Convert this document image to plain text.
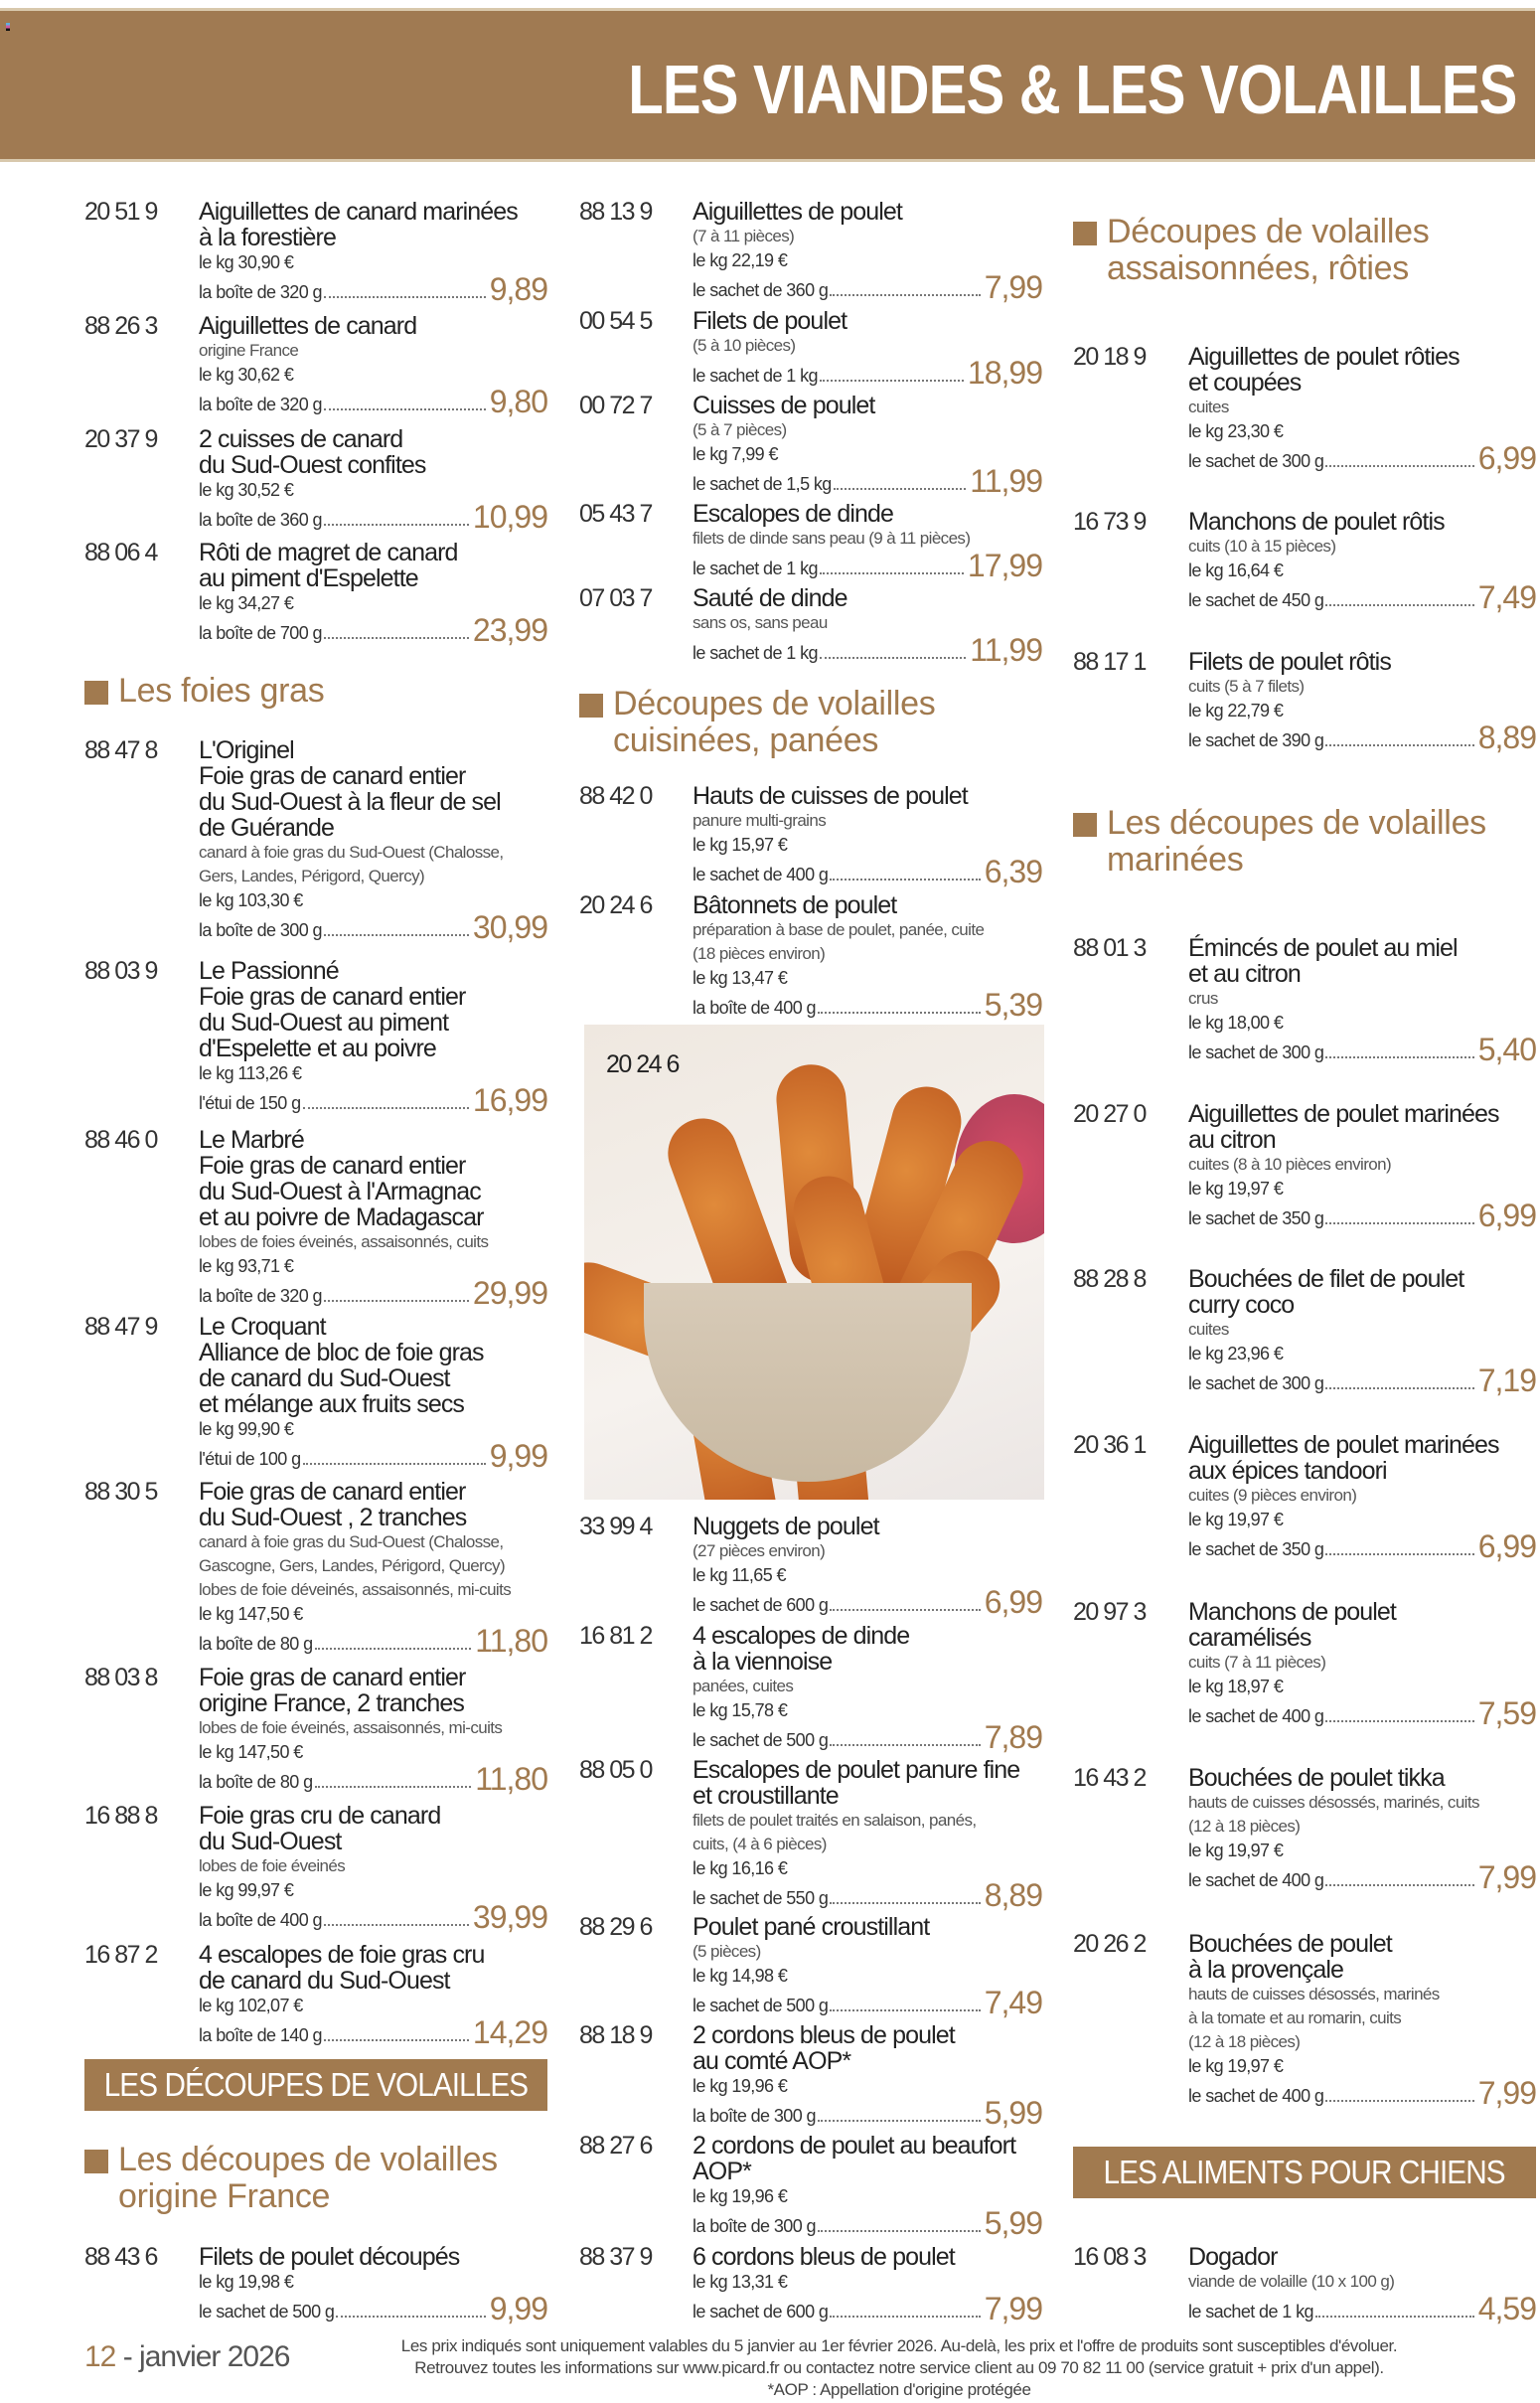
LES VIANDES & LES VOLAILLES
20 51 9 Aiguillettes de canard marinées
à la forestière
le kg 30,90 €
la boîte de 320 g	9,89
88 26 3 Aiguillettes de canard
origine France
le kg 30,62 €
la boîte de 320 g	9,80
20 37 9 2 cuisses de canard
du Sud-Ouest confites
le kg 30,52 €
la boîte de 360 g	10,99
88 06 4 Rôti de magret de canard
au piment d'Espelette
le kg 34,27 €
la boîte de 700 g	23,99
Les foies gras
88 47 8 L'Originel
Foie gras de canard entier
du Sud-Ouest à la fleur de sel
de Guérande
canard à foie gras du Sud-Ouest (Chalosse,
Gers, Landes, Périgord, Quercy)
le kg 103,30 €
la boîte de 300 g	30,99
88 03 9 Le Passionné
Foie gras de canard entier
du Sud-Ouest au piment
d'Espelette et au poivre
le kg 113,26 €
l'étui de 150 g	16,99
88 46 0 Le Marbré
Foie gras de canard entier
du Sud-Ouest à l'Armagnac
et au poivre de Madagascar
lobes de foies éveinés, assaisonnés, cuits
le kg 93,71 €
la boîte de 320 g	29,99
88 47 9 Le Croquant
Alliance de bloc de foie gras
de canard du Sud-Ouest
et mélange aux fruits secs
le kg 99,90 €
l'étui de 100 g	9,99
88 30 5 Foie gras de canard entier
du Sud-Ouest , 2 tranches
canard à foie gras du Sud-Ouest (Chalosse,
Gascogne, Gers, Landes, Périgord, Quercy)
lobes de foie déveinés, assaisonnés, mi-cuits
le kg 147,50 €
la boîte de 80 g	11,80
88 03 8 Foie gras de canard entier
origine France, 2 tranches
lobes de foie éveinés, assaisonnés, mi-cuits
le kg 147,50 €
la boîte de 80 g	11,80
16 88 8 Foie gras cru de canard
du Sud-Ouest
lobes de foie éveinés
le kg 99,97 €
la boîte de 400 g	39,99
16 87 2 4 escalopes de foie gras cru
de canard du Sud-Ouest
le kg 102,07 €
la boîte de 140 g	14,29
LES DÉCOUPES DE VOLAILLES
Les découpes de volailles
origine France
88 43 6 Filets de poulet découpés
le kg 19,98 €
le sachet de 500 g	9,99
88 13 9 Aiguillettes de poulet
(7 à 11 pièces)
le kg 22,19 €
le sachet de 360 g	7,99
00 54 5 Filets de poulet
(5 à 10 pièces)
le sachet de 1 kg	18,99
00 72 7 Cuisses de poulet
(5 à 7 pièces)
le kg 7,99 €
le sachet de 1,5 kg	11,99
05 43 7 Escalopes de dinde
filets de dinde sans peau (9 à 11 pièces)
le sachet de 1 kg	17,99
07 03 7 Sauté de dinde
sans os, sans peau
le sachet de 1 kg	11,99
Découpes de volailles
cuisinées, panées
88 42 0 Hauts de cuisses de poulet
panure multi-grains
le kg 15,97 €
le sachet de 400 g	6,39
20 24 6 Bâtonnets de poulet
préparation à base de poulet, panée, cuite
(18 pièces environ)
le kg 13,47 €
la boîte de 400 g	5,39
20 24 6
33 99 4 Nuggets de poulet
(27 pièces environ)
le kg 11,65 €
le sachet de 600 g	6,99
16 81 2 4 escalopes de dinde
à la viennoise
panées, cuites
le kg 15,78 €
le sachet de 500 g	7,89
88 05 0 Escalopes de poulet panure fine
et croustillante
filets de poulet traités en salaison, panés,
cuits, (4 à 6 pièces)
le kg 16,16 €
le sachet de 550 g	8,89
88 29 6 Poulet pané croustillant
(5 pièces)
le kg 14,98 €
le sachet de 500 g	7,49
88 18 9 2 cordons bleus de poulet
au comté AOP*
le kg 19,96 €
la boîte de 300 g	5,99
88 27 6 2 cordons de poulet au beaufort
AOP*
le kg 19,96 €
la boîte de 300 g	5,99
88 37 9 6 cordons bleus de poulet
le kg 13,31 €
le sachet de 600 g	7,99
Découpes de volailles
assaisonnées, rôties
20 18 9 Aiguillettes de poulet rôties
et coupées
cuites
le kg 23,30 €
le sachet de 300 g	6,99
16 73 9 Manchons de poulet rôtis
cuits (10 à 15 pièces)
le kg 16,64 €
le sachet de 450 g	7,49
88 17 1 Filets de poulet rôtis
cuits (5 à 7 filets)
le kg 22,79 €
le sachet de 390 g	8,89
Les découpes de volailles
marinées
88 01 3 Émincés de poulet au miel
et au citron
crus
le kg 18,00 €
le sachet de 300 g	5,40
20 27 0 Aiguillettes de poulet marinées
au citron
cuites (8 à 10 pièces environ)
le kg 19,97 €
le sachet de 350 g	6,99
88 28 8 Bouchées de filet de poulet
curry coco
cuites
le kg 23,96 €
le sachet de 300 g	7,19
20 36 1 Aiguillettes de poulet marinées
aux épices tandoori
cuites (9 pièces environ)
le kg 19,97 €
le sachet de 350 g	6,99
20 97 3 Manchons de poulet
caramélisés
cuits (7 à 11 pièces)
le kg 18,97 €
le sachet de 400 g	7,59
16 43 2 Bouchées de poulet tikka
hauts de cuisses désossés, marinés, cuits
(12 à 18 pièces)
le kg 19,97 €
le sachet de 400 g	7,99
20 26 2 Bouchées de poulet
à la provençale
hauts de cuisses désossés, marinés
à la tomate et au romarin, cuits
(12 à 18 pièces)
le kg 19,97 €
le sachet de 400 g	7,99
LES ALIMENTS POUR CHIENS
16 08 3 Dogador
viande de volaille (10 x 100 g)
le sachet de 1 kg	4,59
12 - janvier 2026	Les prix indiqués sont uniquement valables du 5 janvier au 1er février 2026. Au-delà, les prix et l'offre de produits sont susceptibles d'évoluer.
Retrouvez toutes les informations sur www.picard.fr ou contactez notre service client au 09 70 82 11 00 (service gratuit + prix d'un appel).
*AOP : Appellation d'origine protégée
